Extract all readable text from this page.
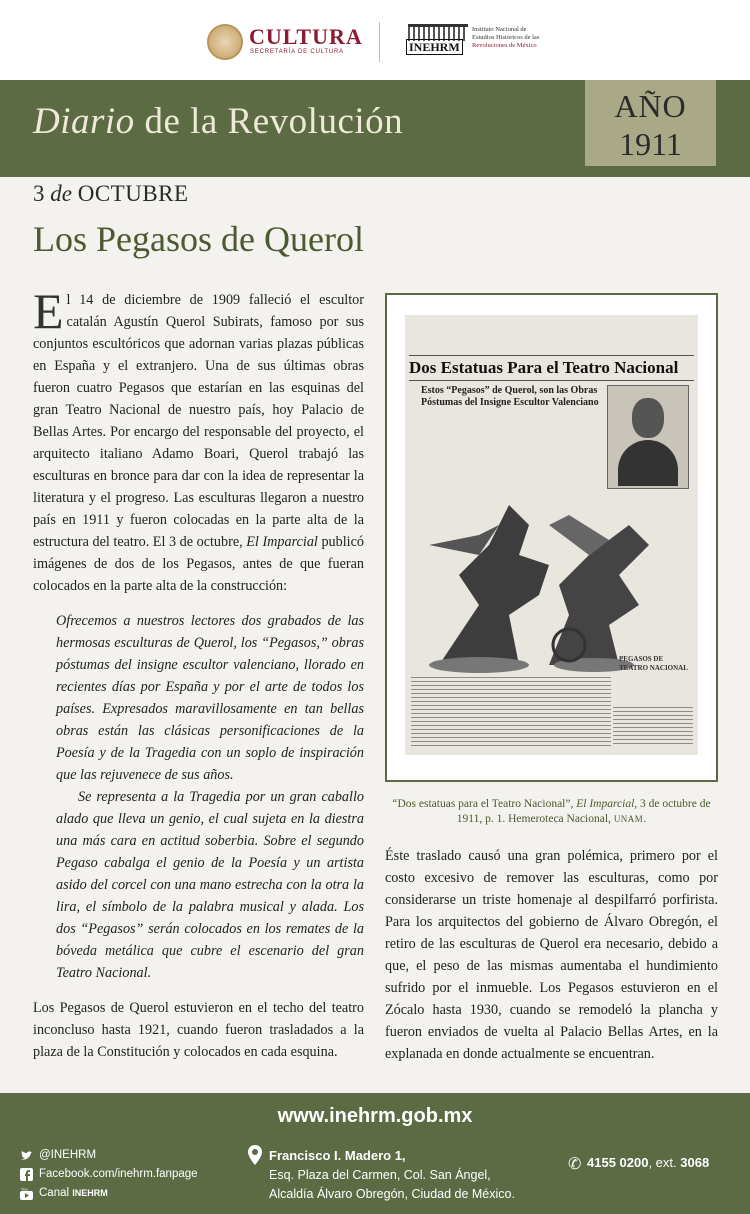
CULTURA
SECRETARÍA DE CULTURA	INEHRM
Instituto Nacional de
Estudios Históricos de las
Revoluciones de México
Diario de la Revolución	AÑO
1911
3 de OCTUBRE
Los Pegasos de Querol
El 14 de diciembre de 1909 falleció el escultor catalán Agustín Querol Subirats, famoso por sus conjuntos escultóricos que adornan varias plazas públicas en España y el extranjero. Una de sus últimas obras fueron cuatro Pegasos que estarían en las esquinas del gran Teatro Nacional de nuestro país, hoy Palacio de Bellas Artes. Por encargo del responsable del proyecto, el arquitecto italiano Adamo Boari, Querol trabajó las esculturas en bronce para dar con la idea de representar la literatura y el progreso. Las esculturas llegaron a nuestro país en 1911 y fueron colocadas en la parte alta de la estructura del teatro. El 3 de octubre, El Imparcial publicó imágenes de dos de los Pegasos, antes de que fueran colocados en la parte alta de la construcción:

Ofrecemos a nuestros lectores dos grabados de las hermosas esculturas de Querol, los “Pegasos,” obras póstumas del insigne escultor valenciano, llorado en recientes días por España y por el arte de todos los países. Expresados maravillosamente en tan bellas obras están las clásicas personificaciones de la Poesía y de la Tragedia con un soplo de inspiración que las rejuvenece de sus años.

Se representa a la Tragedia por un gran caballo alado que lleva un genio, el cual sujeta en la diestra una más cara en actitud soberbia. Sobre el segundo Pegaso cabalga el genio de la Poesía y un artista asido del corcel con una mano estrecha con la otra la lira, el símbolo de la palabra musical y alada. Los dos “Pegasos” serán colocados en los remates de la bóveda metálica que cubre el escenario del gran Teatro Nacional.

Los Pegasos de Querol estuvieron en el techo del teatro inconcluso hasta 1921, cuando fueron trasladados a la plaza de la Constitución y colocados en cada esquina.
Dos Estatuas Para el Teatro Nacional
Estos “Pegasos” de Querol, son las Obras Póstumas del Insigne Escultor Valenciano
PEGASOS DE
TEATRO NACIONAL
“Dos estatuas para el Teatro Nacional”, El Imparcial, 3 de octubre de 1911, p. 1. Hemeroteca Nacional, UNAM.
Éste traslado causó una gran polémica, primero por el costo excesivo de remover las esculturas, como por considerarse un triste homenaje al despilfarró porfirista. Para los arquitectos del gobierno de Álvaro Obregón, el retiro de las esculturas de Querol era necesario, debido a que, el peso de las mismas aumentaba el hundimiento sufrido por el inmueble. Los Pegasos estuvieron en el Zócalo hasta 1930, cuando se remodeló la plancha y fueron enviados de vuelta al Palacio Bellas Artes, en la explanada en donde actualmente se encuentran.
www.inehrm.gob.mx
@INEHRM
Facebook.com/inehrm.fanpage
You Canal INEHRM
Francisco I. Madero 1,
Esq. Plaza del Carmen, Col. San Ángel,
Alcaldía Álvaro Obregón, Ciudad de México.
✆ 4155 0200, ext. 3068
